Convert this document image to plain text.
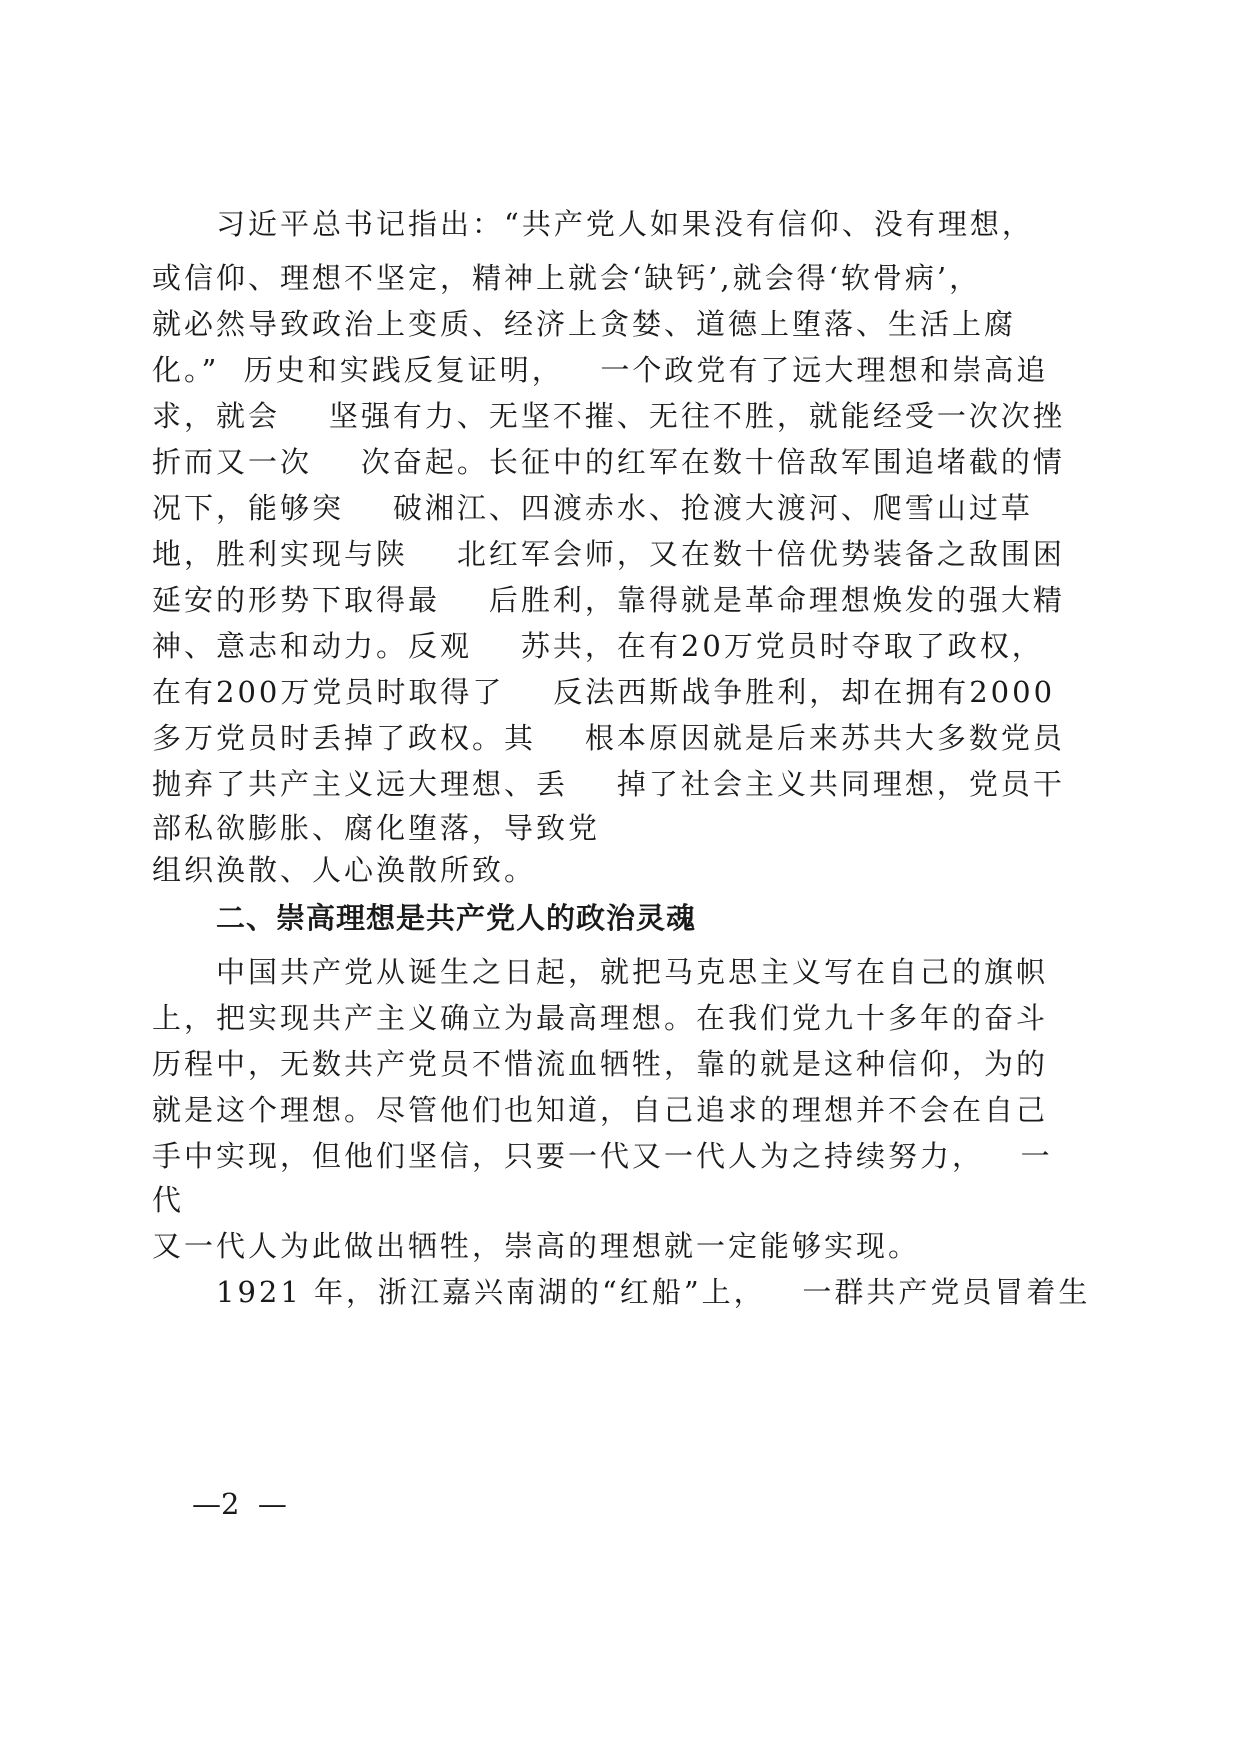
习近平总书记指出：“共产党人如果没有信仰、没有理想，
或信仰、理想不坚定，精神上就会‘缺钙’,就会得‘软骨病’，
就必然导致政治上变质、经济上贪婪、道德上堕落、生活上腐
化。”  历史和实践反复证明，   一个政党有了远大理想和崇高追
求，就会    坚强有力、无坚不摧、无往不胜，就能经受一次次挫
折而又一次    次奋起。长征中的红军在数十倍敌军围追堵截的情
况下，能够突    破湘江、四渡赤水、抢渡大渡河、爬雪山过草
地，胜利实现与陕    北红军会师，又在数十倍优势装备之敌围困
延安的形势下取得最    后胜利，靠得就是革命理想焕发的强大精
神、意志和动力。反观    苏共，在有20万党员时夺取了政权，
在有200万党员时取得了    反法西斯战争胜利，却在拥有2000
多万党员时丢掉了政权。其    根本原因就是后来苏共大多数党员
抛弃了共产主义远大理想、丢    掉了社会主义共同理想，党员干
部私欲膨胀、腐化堕落，导致党
组织涣散、人心涣散所致。
二、崇高理想是共产党人的政治灵魂
中国共产党从诞生之日起，就把马克思主义写在自己的旗帜
上，把实现共产主义确立为最高理想。在我们党九十多年的奋斗
历程中，无数共产党员不惜流血牺牲，靠的就是这种信仰，为的
就是这个理想。尽管他们也知道，自己追求的理想并不会在自己
手中实现，但他们坚信，只要一代又一代人为之持续努力，   一
代
又一代人为此做出牺牲，崇高的理想就一定能够实现。
1921 年，浙江嘉兴南湖的“红船”上，   一群共产党员冒着生
—2  —
